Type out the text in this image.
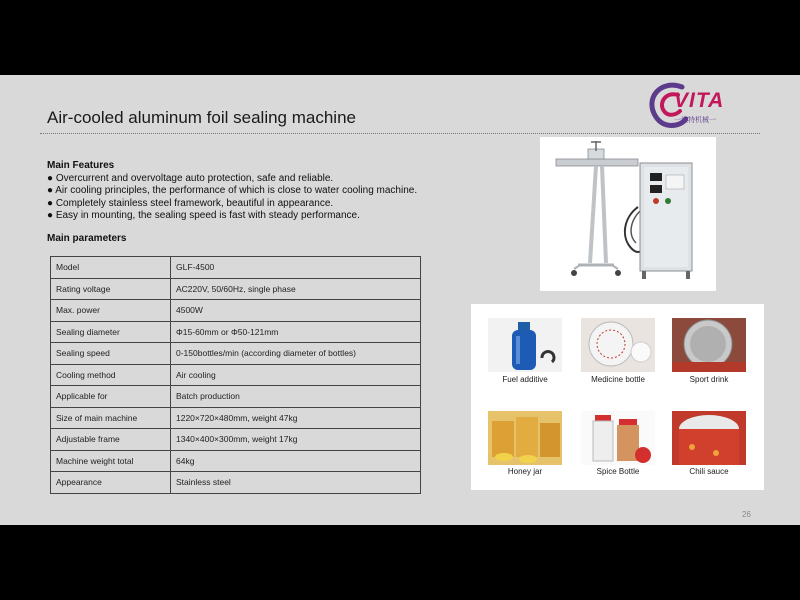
Air-cooled aluminum foil sealing machine
VITA
一维特机械一
Main Features
● Overcurrent and overvoltage auto protection, safe and reliable.
● Air cooling principles, the performance of which is close to water cooling machine.
● Completely stainless steel framework, beautiful in appearance.
● Easy in mounting, the sealing speed is fast with steady performance.
Main parameters
Model	GLF-4500
Rating voltage	AC220V, 50/60Hz, single phase
Max. power	4500W
Sealing diameter	Φ15-60mm or Φ50-121mm
Sealing speed	0-150bottles/min (according diameter of bottles)
Cooling method	Air cooling
Applicable for	Batch production
Size of main machine	1220×720×480mm, weight 47kg
Adjustable frame	1340×400×300mm, weight 17kg
Machine weight total	64kg
Appearance	Stainless steel
Fuel additive	Medicine bottle	Sport drink
Honey jar	Spice Bottle	Chili sauce
26
